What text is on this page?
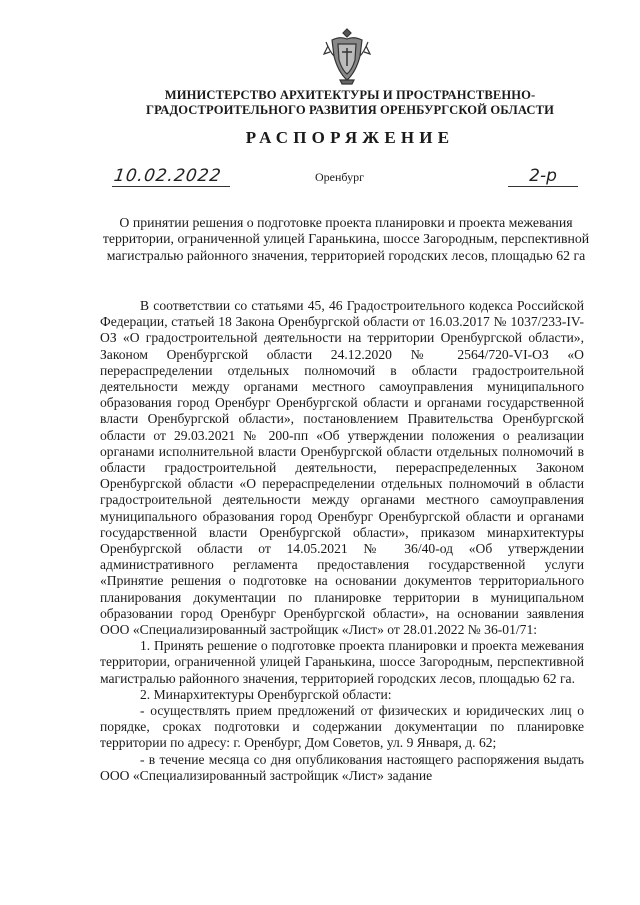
МИНИСТЕРСТВО АРХИТЕКТУРЫ И ПРОСТРАНСТВЕННО-
ГРАДОСТРОИТЕЛЬНОГО РАЗВИТИЯ ОРЕНБУРГСКОЙ ОБЛАСТИ
РАСПОРЯЖЕНИЕ
10.02.2022	Оренбург	2-р
О принятии решения о подготовке проекта планировки и проекта межевания территории, ограниченной улицей Гаранькина, шоссе Загородным, перспективной магистралью районного значения, территорией городских лесов, площадью 62 га

В соответствии со статьями 45, 46 Градостроительного кодекса Российской Федерации, статьей 18 Закона Оренбургской области от 16.03.2017 № 1037/233-IV-ОЗ «О градостроительной деятельности на территории Оренбургской области», Законом Оренбургской области 24.12.2020 № 2564/720-VI-ОЗ «О перераспределении отдельных полномочий в области градостроительной деятельности между органами местного самоуправления муниципального образования город Оренбург Оренбургской области и органами государственной власти Оренбургской области», постановлением Правительства Оренбургской области от 29.03.2021 № 200-пп «Об утверждении положения о реализации органами исполнительной власти Оренбургской области отдельных полномочий в области градостроительной деятельности, перераспределенных Законом Оренбургской области «О перераспределении отдельных полномочий в области градостроительной деятельности между органами местного самоуправления муниципального образования город Оренбург Оренбургской области и органами государственной власти Оренбургской области», приказом минархитектуры Оренбургской области от 14.05.2021 № 36/40-од «Об утверждении административного регламента предоставления государственной услуги «Принятие решения о подготовке на основании документов территориального планирования документации по планировке территории в муниципальном образовании город Оренбург Оренбургской области», на основании заявления ООО «Специализированный застройщик «Лист» от 28.01.2022 № 36-01/71:

1. Принять решение о подготовке проекта планировки и проекта межевания территории, ограниченной улицей Гаранькина, шоссе Загородным, перспективной магистралью районного значения, территорией городских лесов, площадью 62 га.

2. Минархитектуры Оренбургской области:

- осуществлять прием предложений от физических и юридических лиц о порядке, сроках подготовки и содержании документации по планировке территории по адресу: г. Оренбург, Дом Советов, ул. 9 Января, д. 62;

- в течение месяца со дня опубликования настоящего распоряжения выдать ООО «Специализированный застройщик «Лист» задание
